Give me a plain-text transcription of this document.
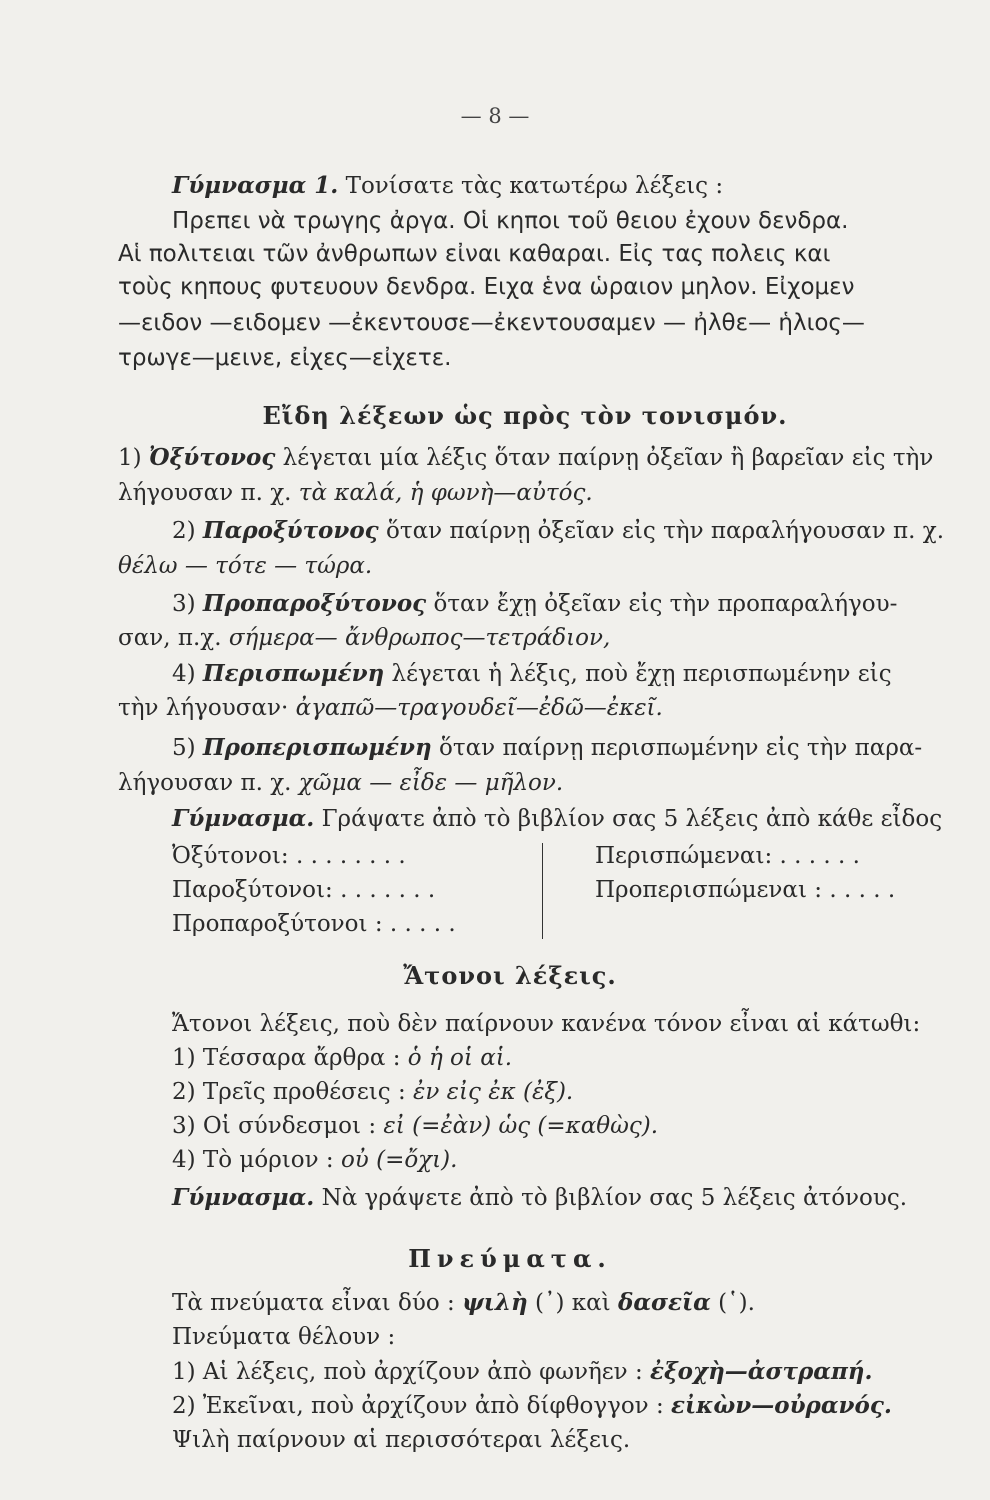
— 8 —
Γύμνασμα 1. Τονίσατε τὰς κατωτέρω λέξεις :
Πρεπει νὰ τρωγης ἀργα. Οἱ κηποι τοῦ θειου ἐχουν δενδρα.
Αἱ πολιτειαι τῶν ἀνθρωπων εἰναι καθαραι. Εἰς τας πολεις και
τοὺς κηπους φυτευουν δενδρα. Ειχα ἑνα ὡραιον μηλον. Εἰχομεν
—ειδον —ειδομεν —ἐκεντουσε—ἐκεντουσαμεν — ἠλθε— ἡλιος—
τρωγε—μεινε, εἰχες—εἰχετε.
Εἴδη λέξεων ὡς πρὸς τὸν τονισμόν.
1) Ὀξύτονος λέγεται μία λέξις ὅταν παίρνῃ ὀξεῖαν ἢ βαρεῖαν εἰς τὴν
λήγουσαν π. χ. τὰ καλά, ἡ φωνὴ—αὐτός.
2) Παροξύτονος ὅταν παίρνῃ ὀξεῖαν εἰς τὴν παραλήγουσαν π. χ.
θέλω — τότε — τώρα.
3) Προπαροξύτονος ὅταν ἔχῃ ὀξεῖαν εἰς τὴν προπαραλήγου-
σαν, π.χ. σήμερα— ἄνθρωπος—τετράδιον,
4) Περισπωμένη λέγεται ἡ λέξις, ποὺ ἔχῃ περισπωμένην εἰς
τὴν λήγουσαν· ἀγαπῶ—τραγουδεῖ—ἐδῶ—ἐκεῖ.
5) Προπερισπωμένη ὅταν παίρνῃ περισπωμένην εἰς τὴν παρα-
λήγουσαν π. χ. χῶμα — εἶδε — μῆλον.
Γύμνασμα. Γράψατε ἀπὸ τὸ βιβλίον σας 5 λέξεις ἀπὸ κάθε εἶδος
Ὀξύτονοι: . . . . . . . .
Παροξύτονοι: . . . . . . .
Προπαροξύτονοι : . . . . .
Περισπώμεναι: . . . . . .
Προπερισπώμεναι : . . . . .
Ἄτονοι λέξεις.
Ἄτονοι λέξεις, ποὺ δὲν παίρνουν κανένα τόνον εἶναι αἱ κάτωθι:
1) Τέσσαρα ἄρθρα : ὁ ἡ οἱ αἱ.
2) Τρεῖς προθέσεις : ἐν εἰς ἐκ (ἐξ).
3) Οἱ σύνδεσμοι : εἰ (=ἐὰν) ὡς (=καθὼς).
4) Τὸ μόριον : οὐ (=ὄχι).
Γύμνασμα. Νὰ γράψετε ἀπὸ τὸ βιβλίον σας 5 λέξεις ἀτόνους.
Πνεύματα.
Τὰ πνεύματα εἶναι δύο : ψιλὴ (᾿) καὶ δασεῖα (῾).
Πνεύματα θέλουν :
1) Αἱ λέξεις, ποὺ ἀρχίζουν ἀπὸ φωνῆεν : ἐξοχὴ—ἀστραπή.
2) Ἐκεῖναι, ποὺ ἀρχίζουν ἀπὸ δίφθογγον : εἰκὼν—οὐρανός.
Ψιλὴ παίρνουν αἱ περισσότεραι λέξεις.
